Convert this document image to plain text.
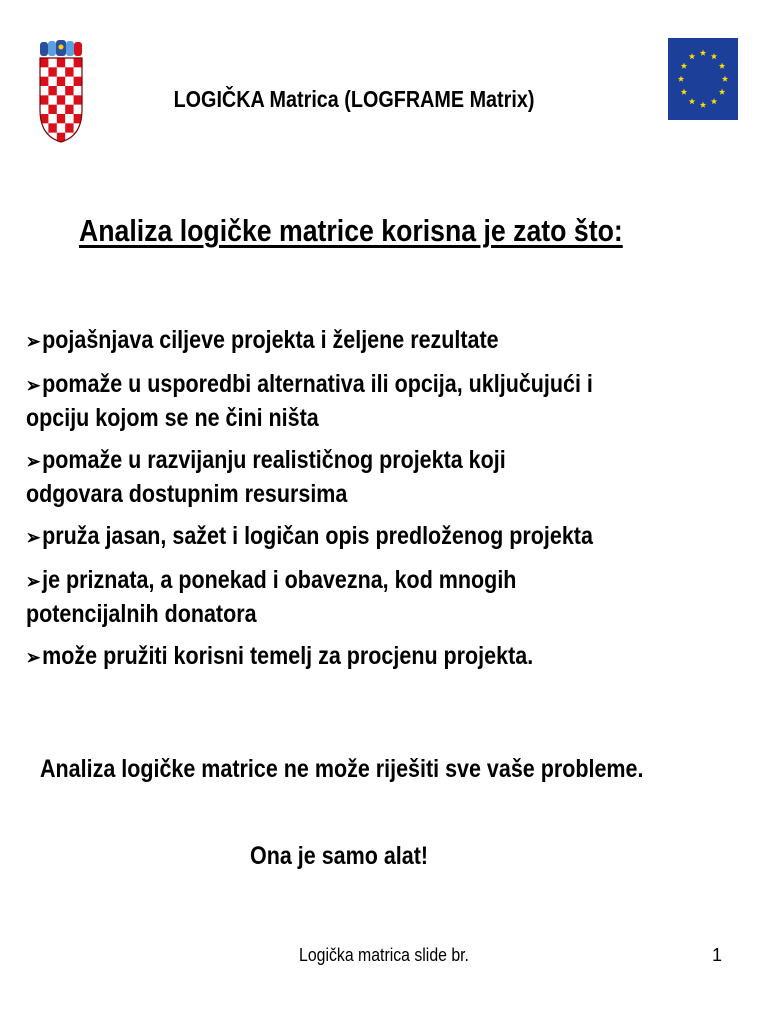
LOGIČKA Matrica (LOGFRAME Matrix)
Analiza logičke matrice korisna je zato što:
➢pojašnjava ciljeve projekta i željene rezultate
➢pomaže u usporedbi alternativa ili opcija, uključujući i opciju kojom se ne čini ništa
➢pomaže u razvijanju realističnog projekta koji odgovara dostupnim resursima
➢pruža jasan, sažet i logičan opis predloženog projekta
➢je priznata, a ponekad i obavezna, kod mnogih potencijalnih donatora
➢može pružiti korisni temelj za procjenu projekta.
Analiza logičke matrice ne može riješiti sve vaše probleme.
Ona je samo alat!
Logička matrica slide br.	1
